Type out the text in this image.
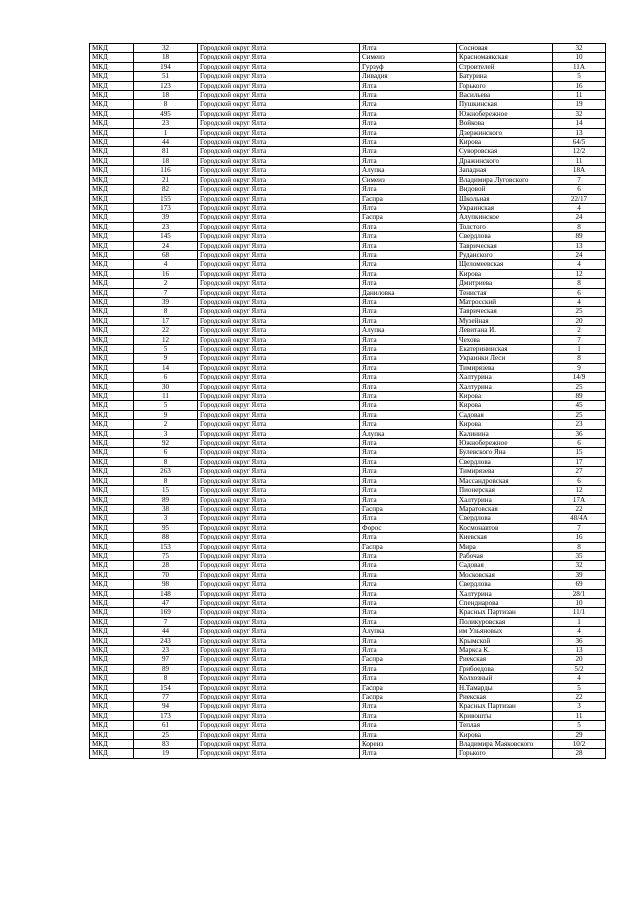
МКД	32	Городской округ Ялта	Ялта	Сосновая	32
МКД	18	Городской округ Ялта	Симеиз	Красномаякская	10
МКД	194	Городской округ Ялта	Гурзуф	Строителей	11А
МКД	51	Городской округ Ялта	Ливадия	Батурина	5
МКД	123	Городской округ Ялта	Ялта	Горького	16
МКД	18	Городской округ Ялта	Ялта	Васильева	11
МКД	8	Городской округ Ялта	Ялта	Пушкинская	19
МКД	495	Городской округ Ялта	Ялта	Южнобережное	32
МКД	23	Городской округ Ялта	Ялта	Войкова	14
МКД	1	Городской округ Ялта	Ялта	Дзержинского	13
МКД	44	Городской округ Ялта	Ялта	Кирова	64/5
МКД	81	Городской округ Ялта	Ялта	Суворовская	12/2
МКД	18	Городской округ Ялта	Ялта	Дражинского	11
МКД	116	Городской округ Ялта	Алупка	Западная	18А
МКД	21	Городской округ Ялта	Симеиз	Владимира Луговского	7
МКД	82	Городской округ Ялта	Ялта	Видовой	6
МКД	155	Городской округ Ялта	Гаспра	Школьная	22/17
МКД	173	Городской округ Ялта	Ялта	Украинская	4
МКД	39	Городской округ Ялта	Гаспра	Алупкинское	24
МКД	23	Городской округ Ялта	Ялта	Толстого	8
МКД	145	Городской округ Ялта	Ялта	Свердлова	89
МКД	24	Городской округ Ялта	Ялта	Таврическая	13
МКД	68	Городской округ Ялта	Ялта	Руданского	24
МКД	4	Городской округ Ялта	Ялта	Щеломеевская	4
МКД	16	Городской округ Ялта	Ялта	Кирова	12
МКД	2	Городской округ Ялта	Ялта	Дмитриева	8
МКД	7	Городской округ Ялта	Даниловка	Тенистая	6
МКД	39	Городской округ Ялта	Ялта	Матросский	4
МКД	8	Городской округ Ялта	Ялта	Таврическая	25
МКД	17	Городской округ Ялта	Ялта	Музейная	20
МКД	22	Городской округ Ялта	Алупка	Левитана И.	2
МКД	12	Городской округ Ялта	Ялта	Чехова	7
МКД	5	Городской округ Ялта	Ялта	Екатерининская	1
МКД	9	Городской округ Ялта	Ялта	Украинки Леси	8
МКД	14	Городской округ Ялта	Ялта	Тимирязева	9
МКД	6	Городской округ Ялта	Ялта	Халтурина	14/9
МКД	30	Городской округ Ялта	Ялта	Халтурина	25
МКД	11	Городской округ Ялта	Ялта	Кирова	89
МКД	5	Городской округ Ялта	Ялта	Кирова	45
МКД	9	Городской округ Ялта	Ялта	Садовая	25
МКД	2	Городской округ Ялта	Ялта	Кирова	23
МКД	3	Городской округ Ялта	Алупка	Калинина	36
МКД	92	Городской округ Ялта	Ялта	Южнобережное	6
МКД	6	Городской округ Ялта	Ялта	Булевского Яна	15
МКД	8	Городской округ Ялта	Ялта	Свердлова	17
МКД	263	Городской округ Ялта	Ялта	Тимирязева	27
МКД	8	Городской округ Ялта	Ялта	Массандровская	6
МКД	15	Городской округ Ялта	Ялта	Пионерская	12
МКД	89	Городской округ Ялта	Ялта	Халтурина	17А
МКД	38	Городской округ Ялта	Гаспра	Маратовская	22
МКД	3	Городской округ Ялта	Ялта	Свердлова	48/4А
МКД	95	Городской округ Ялта	Форос	Космонавтов	7
МКД	88	Городской округ Ялта	Ялта	Киевская	16
МКД	153	Городской округ Ялта	Гаспра	Мира	8
МКД	75	Городской округ Ялта	Ялта	Рабочая	35
МКД	28	Городской округ Ялта	Ялта	Садовая	32
МКД	70	Городской округ Ялта	Ялта	Московская	39
МКД	98	Городской округ Ялта	Ялта	Свердлова	69
МКД	148	Городской округ Ялта	Ялта	Халтурина	28/1
МКД	47	Городской округ Ялта	Ялта	Спендиарова	10
МКД	169	Городской округ Ялта	Ялта	Красных Партизан	11/1
МКД	7	Городской округ Ялта	Ялта	Поликуровская	1
МКД	44	Городской округ Ялта	Алупка	им Ульяновых	4
МКД	243	Городской округ Ялта	Ялта	Крымской	36
МКД	23	Городской округ Ялта	Ялта	Маркса К.	13
МКД	97	Городской округ Ялта	Гаспра	Риекская	20
МКД	89	Городской округ Ялта	Ялта	Грибоедова	5/2
МКД	8	Городской округ Ялта	Ялта	Колхозный	4
МКД	154	Городской округ Ялта	Гаспра	Н.Тамарды	5
МКД	77	Городской округ Ялта	Гаспра	Риекская	22
МКД	94	Городской округ Ялта	Ялта	Красных Партизан	3
МКД	173	Городской округ Ялта	Ялта	Кривошты	11
МКД	61	Городской округ Ялта	Ялта	Теплая	5
МКД	25	Городской округ Ялта	Ялта	Кирова	29
МКД	83	Городской округ Ялта	Кореиз	Владимира Маяковского	10/2
МКД	19	Городской округ Ялта	Ялта	Горького	28
